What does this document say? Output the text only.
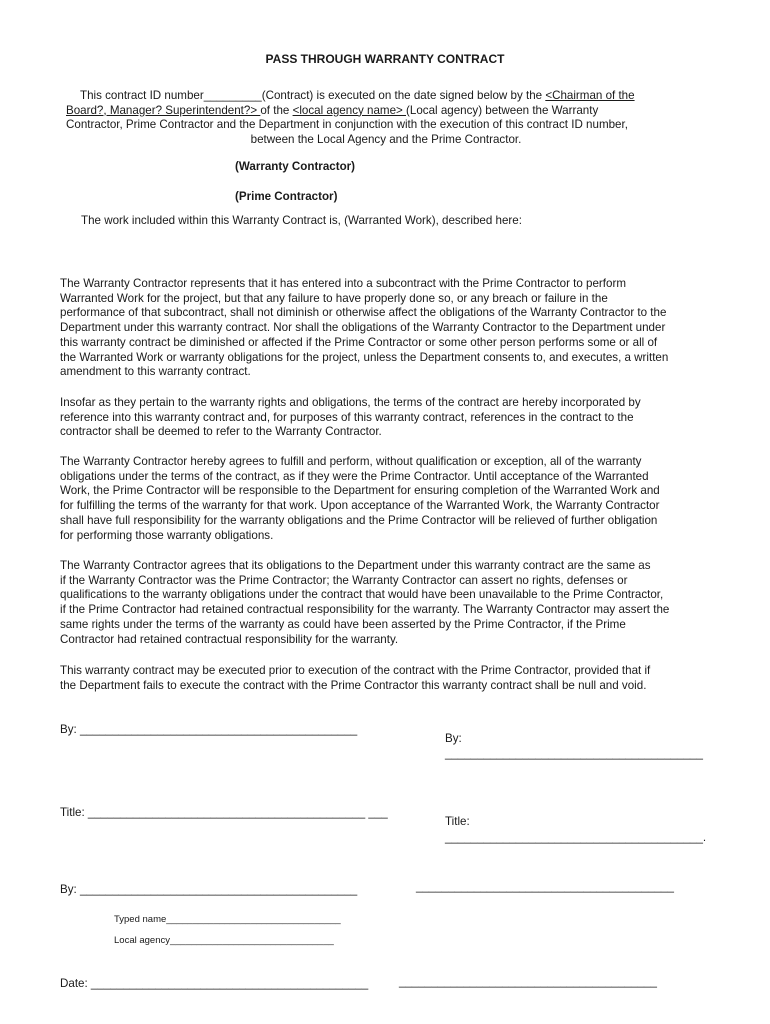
PASS THROUGH WARRANTY CONTRACT
This contract ID number_________(Contract) is executed on the date signed below by the <Chairman of the
Board?, Manager? Superintendent?> of the <local agency name> (Local agency) between the Warranty
Contractor, Prime Contractor and the Department in conjunction with the execution of this contract ID number,
between the Local Agency and the Prime Contractor.
(Warranty Contractor)
(Prime Contractor)
The work included within this Warranty Contract is, (Warranted Work), described here:
The Warranty Contractor represents that it has entered into a subcontract with the Prime Contractor to perform
Warranted Work for the project, but that any failure to have properly done so, or any breach or failure in the
performance of that subcontract, shall not diminish or otherwise affect the obligations of the Warranty Contractor to the
Department under this warranty contract. Nor shall the obligations of the Warranty Contractor to the Department under
this warranty contract be diminished or affected if the Prime Contractor or some other person performs some or all of
the Warranted Work or warranty obligations for the project, unless the Department consents to, and executes, a written
amendment to this warranty contract.
Insofar as they pertain to the warranty rights and obligations, the terms of the contract are hereby incorporated by
reference into this warranty contract and, for purposes of this warranty contract, references in the contract to the
contractor shall be deemed to refer to the Warranty Contractor.
The Warranty Contractor hereby agrees to fulfill and perform, without qualification or exception, all of the warranty
obligations under the terms of the contract, as if they were the Prime Contractor. Until acceptance of the Warranted
Work, the Prime Contractor will be responsible to the Department for ensuring completion of the Warranted Work and
for fulfilling the terms of the warranty for that work. Upon acceptance of the Warranted Work, the Warranty Contractor
shall have full responsibility for the warranty obligations and the Prime Contractor will be relieved of further obligation
for performing those warranty obligations.
The Warranty Contractor agrees that its obligations to the Department under this warranty contract are the same as
if the Warranty Contractor was the Prime Contractor; the Warranty Contractor can assert no rights, defenses or
qualifications to the warranty obligations under the contract that would have been unavailable to the Prime Contractor,
if the Prime Contractor had retained contractual responsibility for the warranty. The Warranty Contractor may assert the
same rights under the terms of the warranty as could have been asserted by the Prime Contractor, if the Prime
Contractor had retained contractual responsibility for the warranty.
This warranty contract may be executed prior to execution of the contract with the Prime Contractor, provided that if
the Department fails to execute the contract with the Prime Contractor this warranty contract shall be null and void.
By: ___________________________________________
By:
________________________________________
Title: ___________________________________________ ___
Title:
________________________________________.
By: ___________________________________________	________________________________________
Typed name_________________________________
Local agency_______________________________
Date: ___________________________________________	________________________________________
